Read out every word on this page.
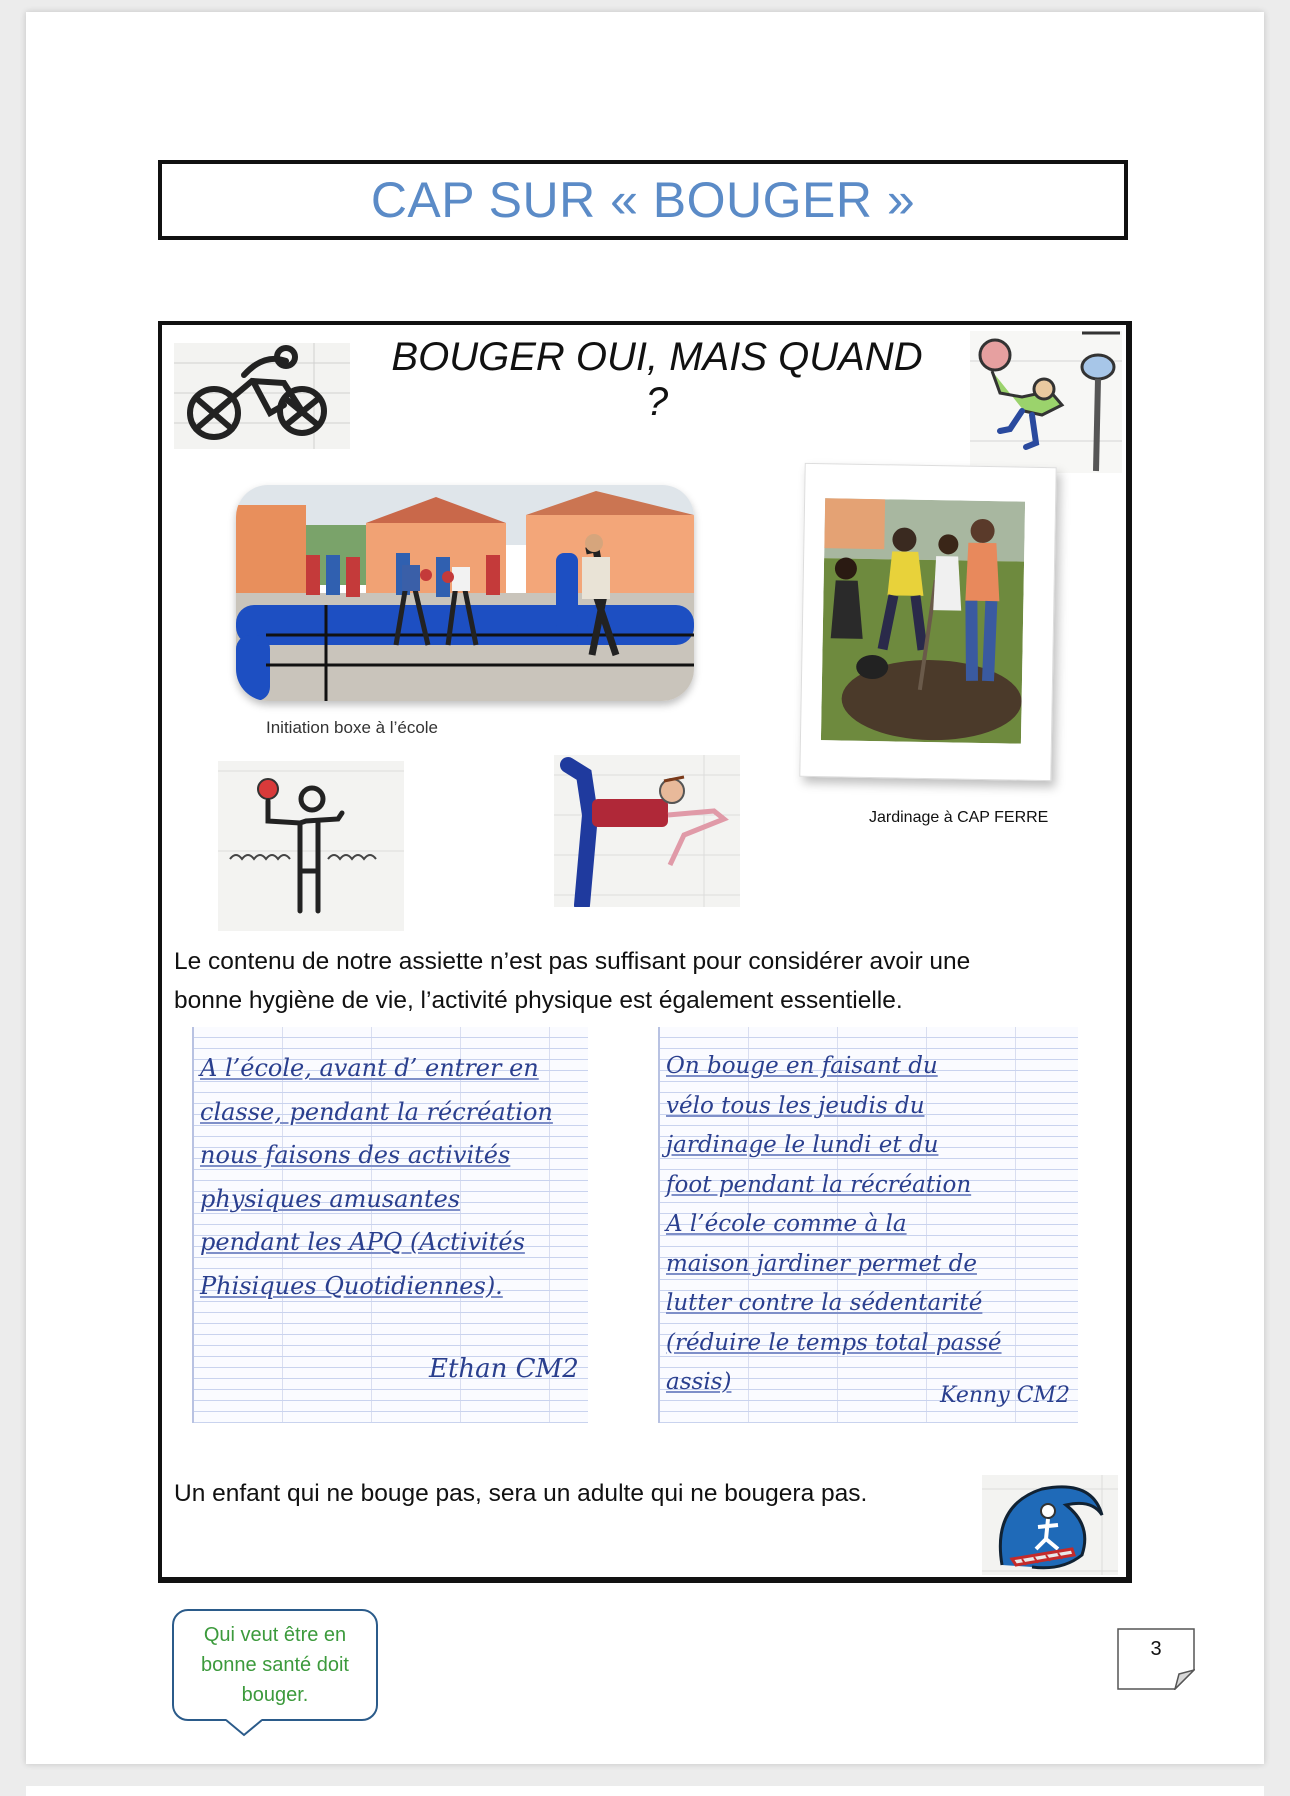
CAP SUR « BOUGER »
BOUGER OUI, MAIS QUAND ?
Initiation boxe à l’école
Jardinage à CAP FERRE
Le contenu de notre assiette n’est pas suffisant pour considérer avoir une
bonne hygiène de vie, l’activité physique est également essentielle.
A l’école, avant d’ entrer en
classe, pendant la récréation
nous faisons des activités
physiques amusantes
pendant les APQ (Activités
Phisiques Quotidiennes).
Ethan CM2
On bouge en faisant du
vélo tous les jeudis du
jardinage le lundi et du
foot pendant la récréation
A l’école comme à la
maison jardiner permet de
lutter contre la sédentarité
(réduire le temps total passé
assis)
Kenny CM2
Un enfant qui ne bouge pas, sera un adulte qui ne bougera pas.
Qui veut être en
bonne santé doit
bouger.
3
